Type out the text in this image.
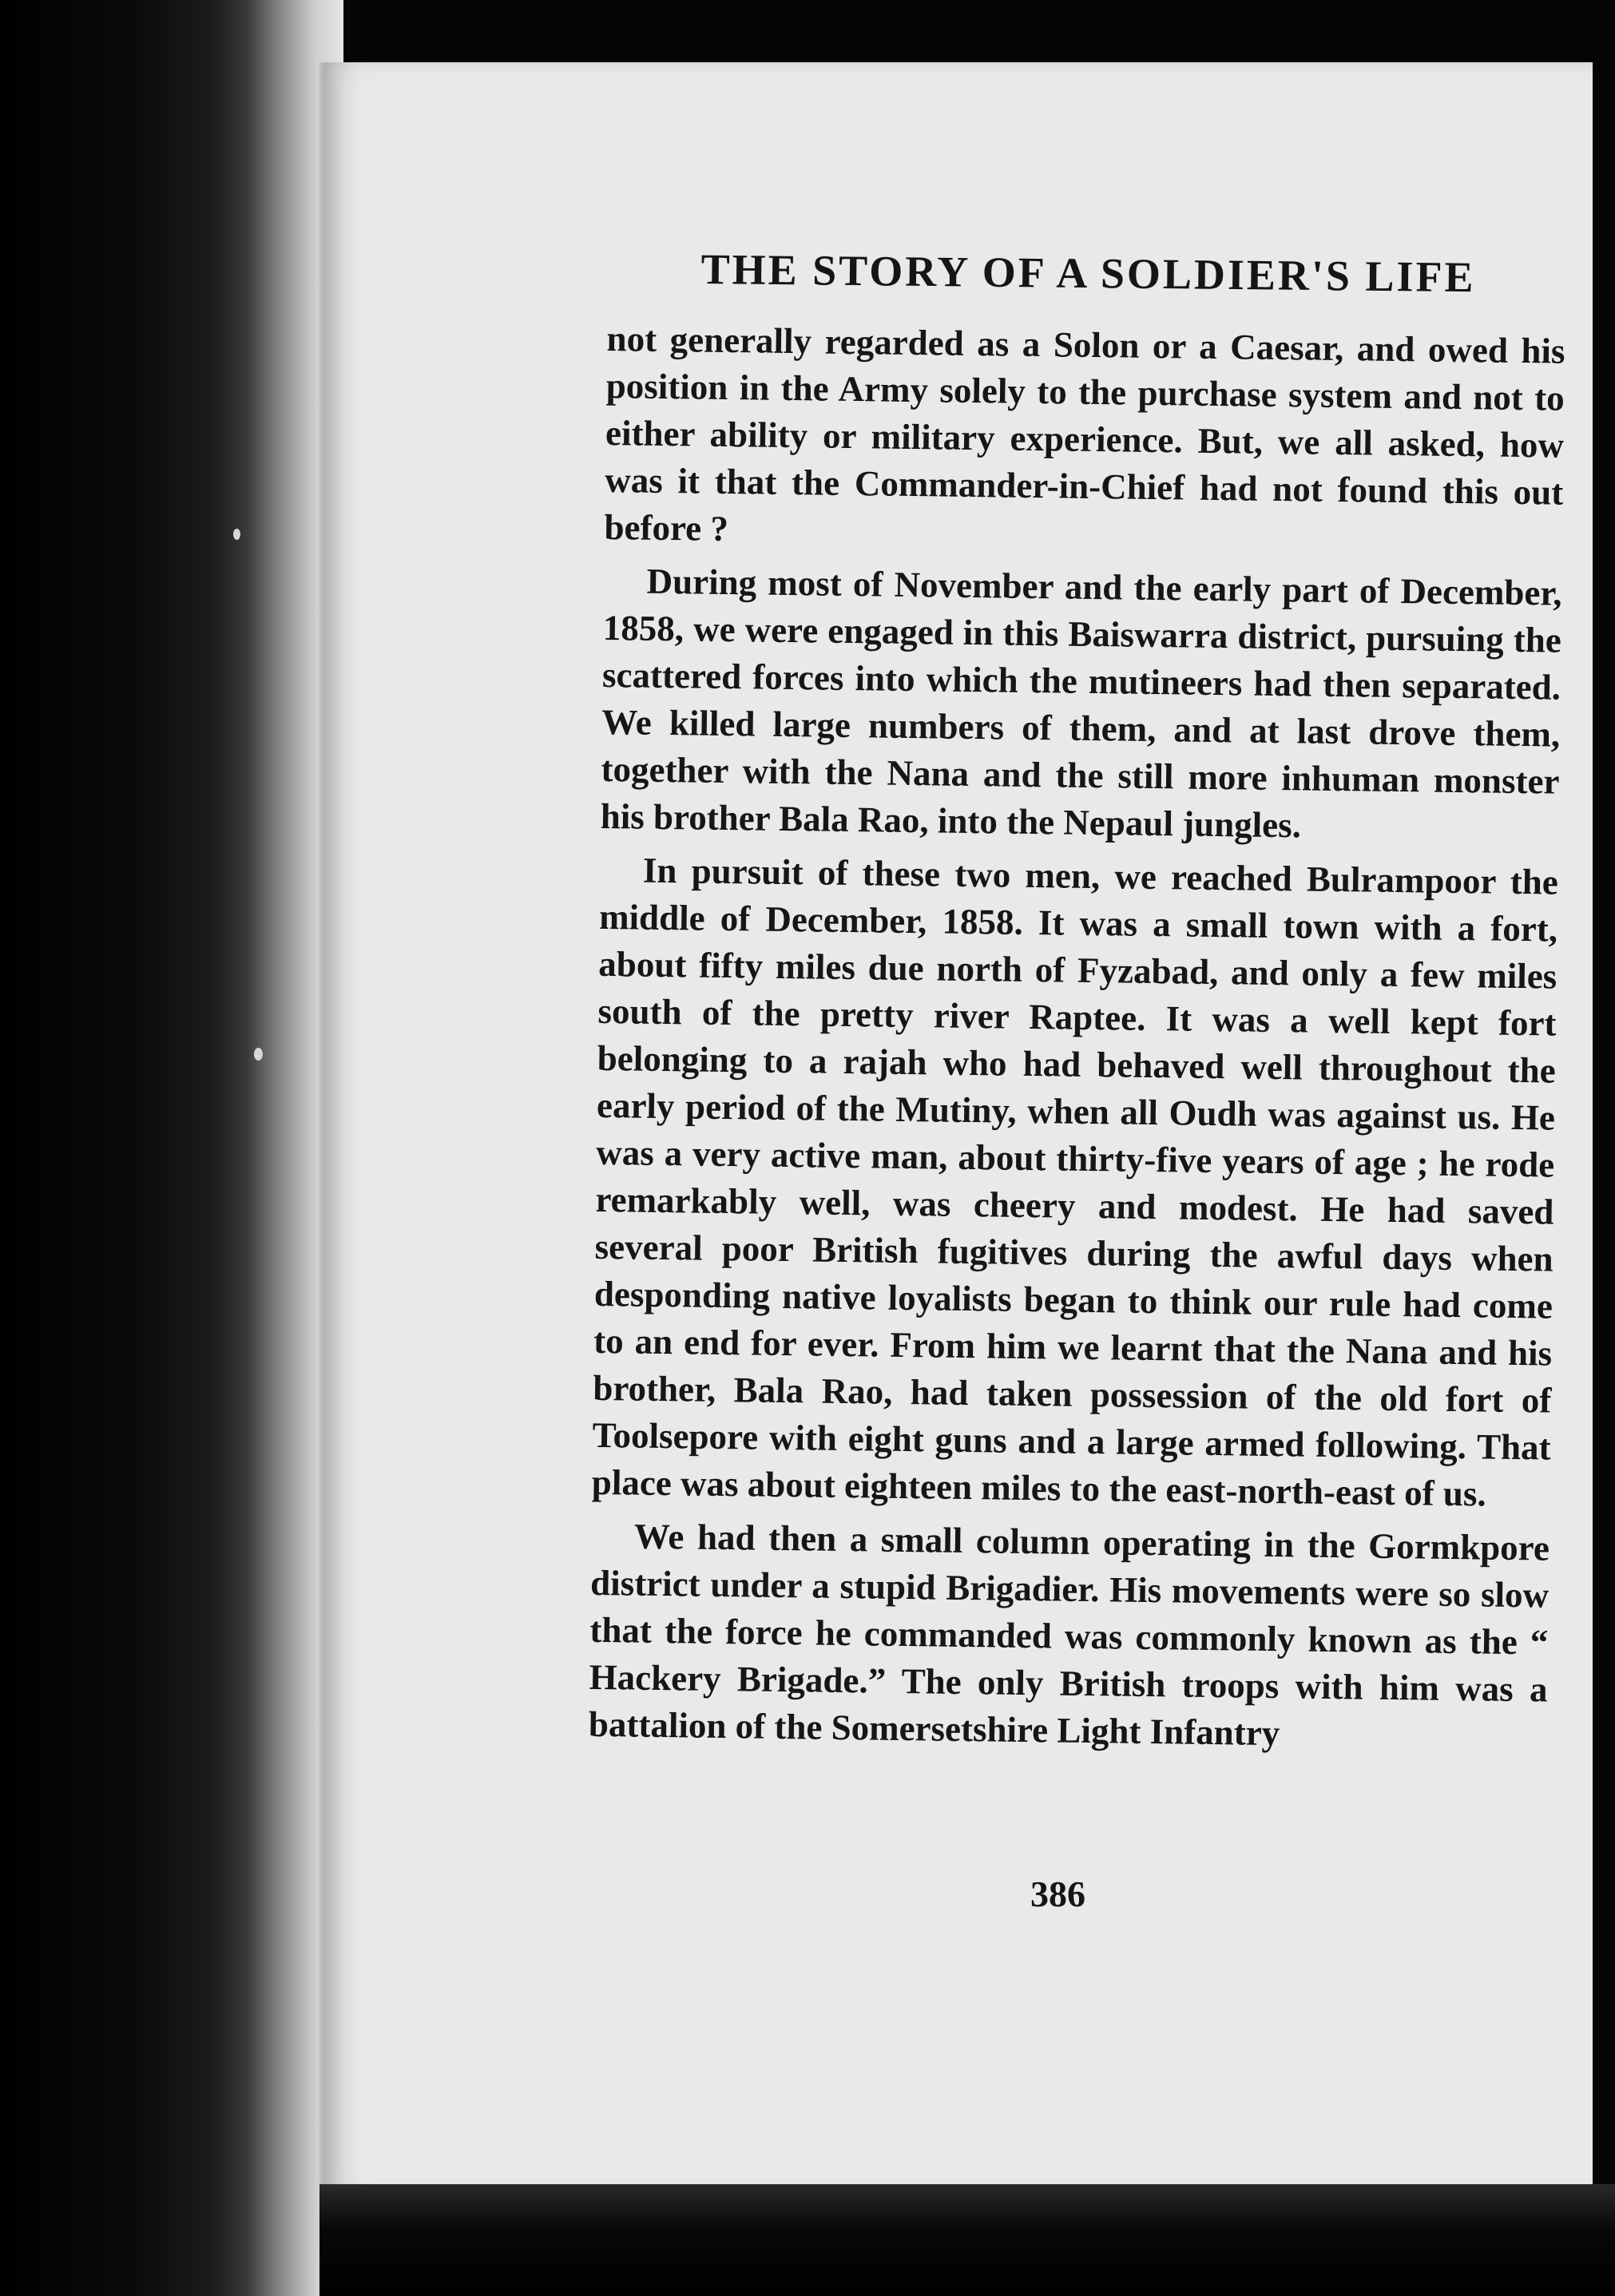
THE STORY OF A SOLDIER'S LIFE

not generally regarded as a Solon or a Caesar, and owed his position in the Army solely to the purchase system and not to either ability or military experience. But, we all asked, how was it that the Commander-in-Chief had not found this out before ?

During most of November and the early part of December, 1858, we were engaged in this Baiswarra district, pursuing the scattered forces into which the mutineers had then separated. We killed large numbers of them, and at last drove them, together with the Nana and the still more inhuman monster his brother Bala Rao, into the Nepaul jungles.

In pursuit of these two men, we reached Bulrampoor the middle of December, 1858. It was a small town with a fort, about fifty miles due north of Fyzabad, and only a few miles south of the pretty river Raptee. It was a well kept fort belonging to a rajah who had behaved well throughout the early period of the Mutiny, when all Oudh was against us. He was a very active man, about thirty-five years of age ; he rode remarkably well, was cheery and modest. He had saved several poor British fugitives during the awful days when desponding native loyalists began to think our rule had come to an end for ever. From him we learnt that the Nana and his brother, Bala Rao, had taken possession of the old fort of Toolsepore with eight guns and a large armed following. That place was about eighteen miles to the east-north-east of us.

We had then a small column operating in the Gormkpore district under a stupid Brigadier. His movements were so slow that the force he commanded was commonly known as the “ Hackery Brigade.” The only British troops with him was a battalion of the Somersetshire Light Infantry

386
